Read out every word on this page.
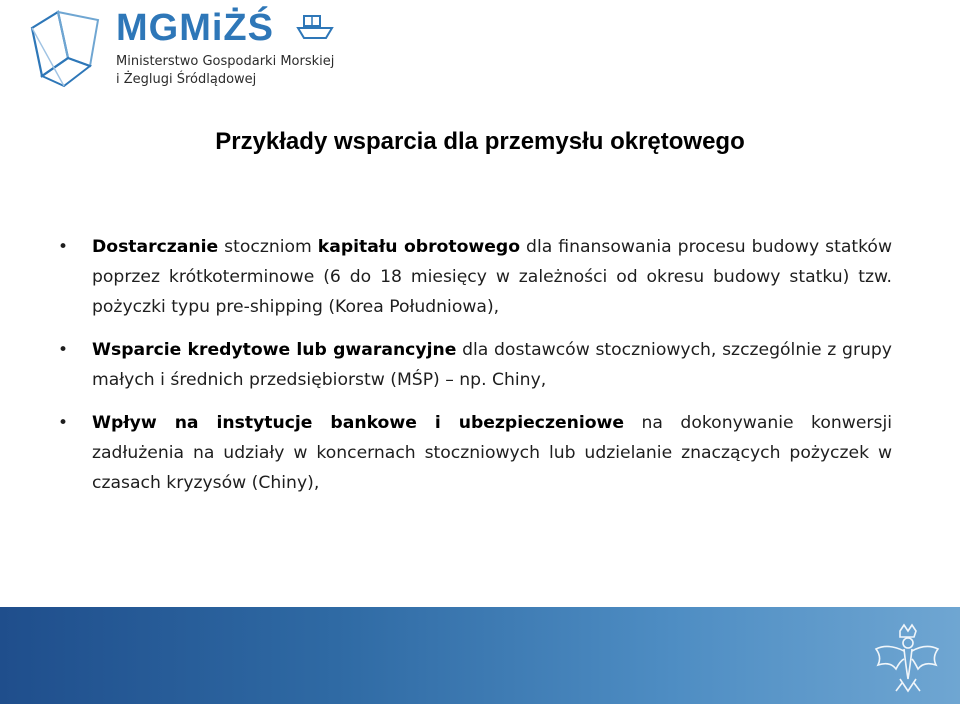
MGMiŻŚ
Ministerstwo Gospodarki Morskiej
i Żeglugi Śródlądowej
Przykłady wsparcia dla przemysłu okrętowego
• Dostarczanie stoczniom kapitału obrotowego dla finansowania procesu budowy statków poprzez krótkoterminowe (6 do 18 miesięcy w zależności od okresu budowy statku) tzw. pożyczki typu pre-shipping (Korea Południowa),
• Wsparcie kredytowe lub gwarancyjne dla dostawców stoczniowych, szczególnie z grupy małych i średnich przedsiębiorstw (MŚP) – np. Chiny,
• Wpływ na instytucje bankowe i ubezpieczeniowe na dokonywanie konwersji zadłużenia na udziały w koncernach stoczniowych lub udzielanie znaczących pożyczek w czasach kryzysów (Chiny),
